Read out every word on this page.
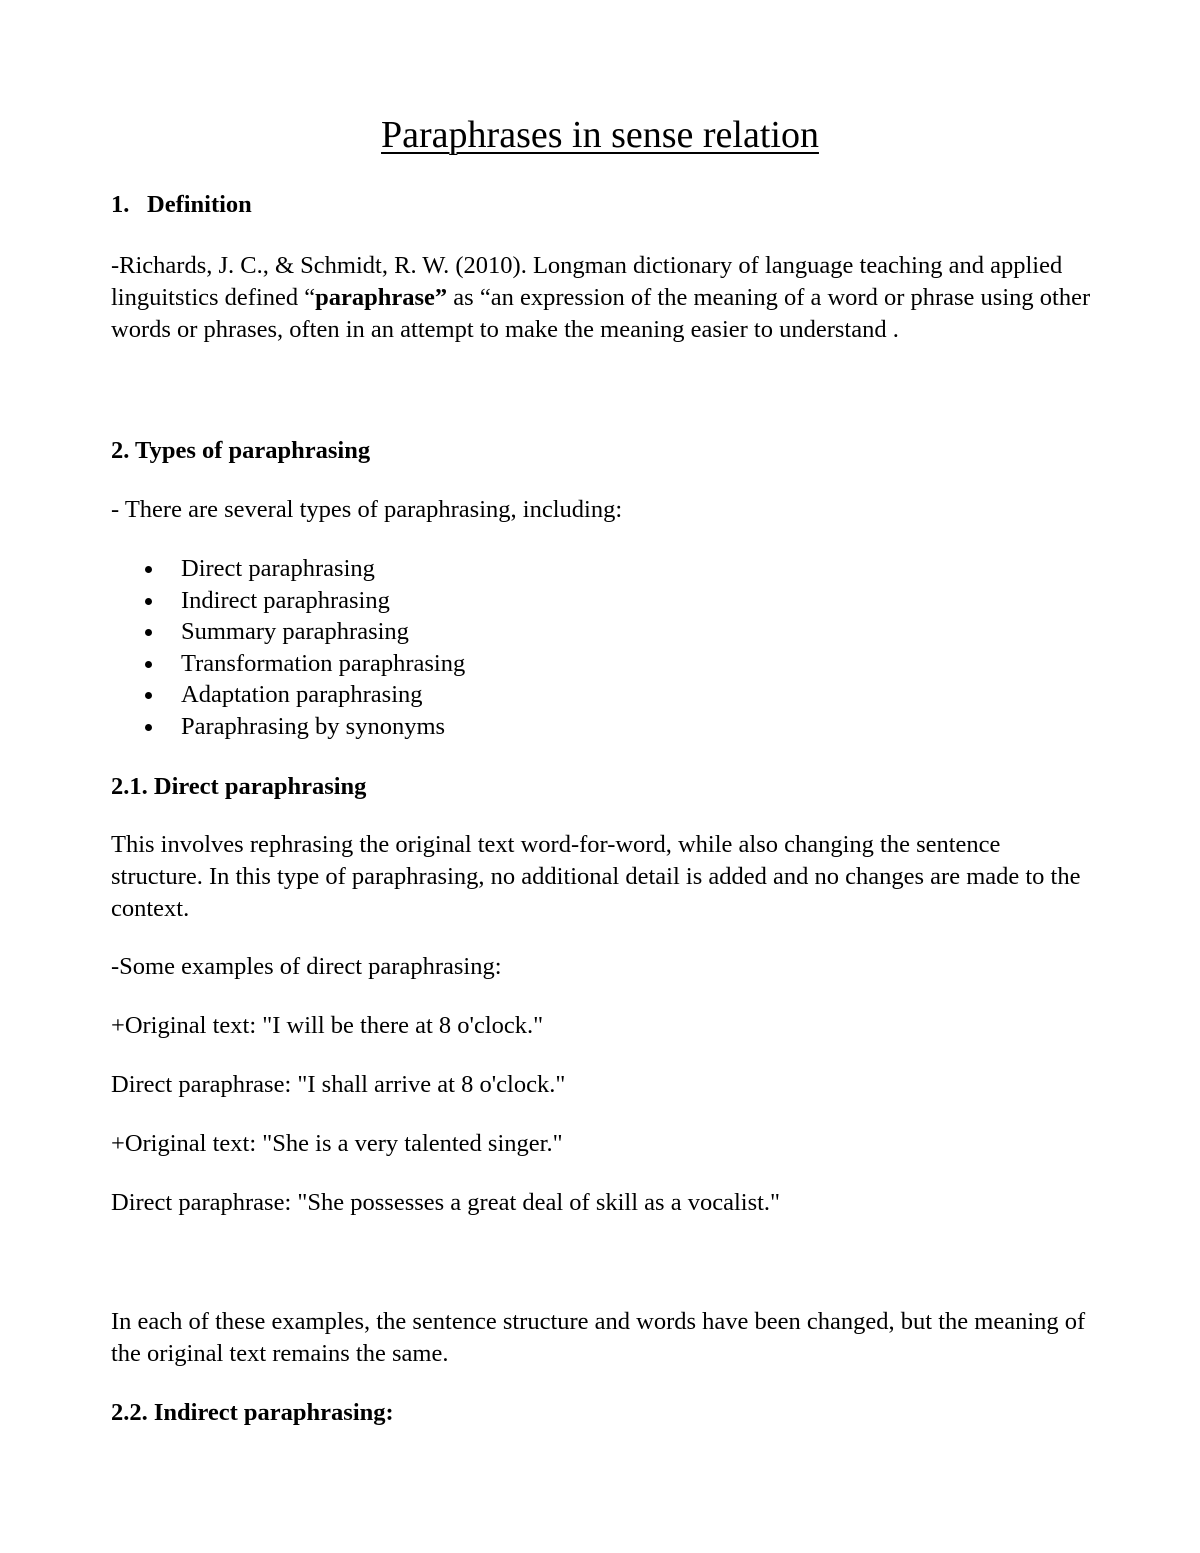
Paraphrases in sense relation
1. Definition
-Richards, J. C., & Schmidt, R. W. (2010). Longman dictionary of language teaching and applied linguitstics defined “paraphrase” as “an expression of the meaning of a word or phrase using other words or phrases, often in an attempt to make the meaning easier to understand .
2. Types of paraphrasing
- There are several types of paraphrasing, including:
Direct paraphrasing
Indirect paraphrasing
Summary paraphrasing
Transformation paraphrasing
Adaptation paraphrasing
Paraphrasing by synonyms
2.1. Direct paraphrasing
This involves rephrasing the original text word-for-word, while also changing the sentence structure. In this type of paraphrasing, no additional detail is added and no changes are made to the context.
-Some examples of direct paraphrasing:
+Original text: "I will be there at 8 o'clock."
Direct paraphrase: "I shall arrive at 8 o'clock."
+Original text: "She is a very talented singer."
Direct paraphrase: "She possesses a great deal of skill as a vocalist."
In each of these examples, the sentence structure and words have been changed, but the meaning of the original text remains the same.
2.2. Indirect paraphrasing:
